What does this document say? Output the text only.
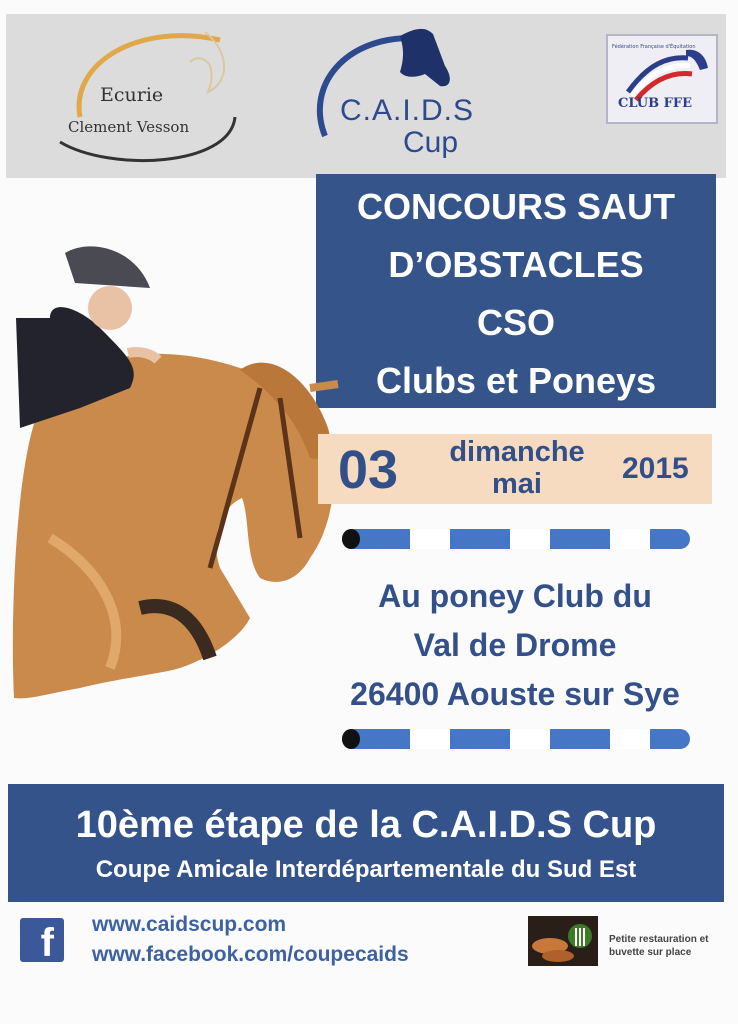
Ecurie
Clement Vesson	C.A.I.D.S
Cup
Fédération Française d'Équitation
CLUB FFE
CONCOURS SAUT
D’OBSTACLES
CSO
Clubs et Poneys
03	dimanche
mai	2015
Au poney Club du
Val de Drome
26400 Aouste sur Sye
10ème étape de la C.A.I.D.S Cup
Coupe Amicale Interdépartementale du Sud Est
f	www.caidscup.com
www.facebook.com/coupecaids
Petite restauration et
buvette sur place
